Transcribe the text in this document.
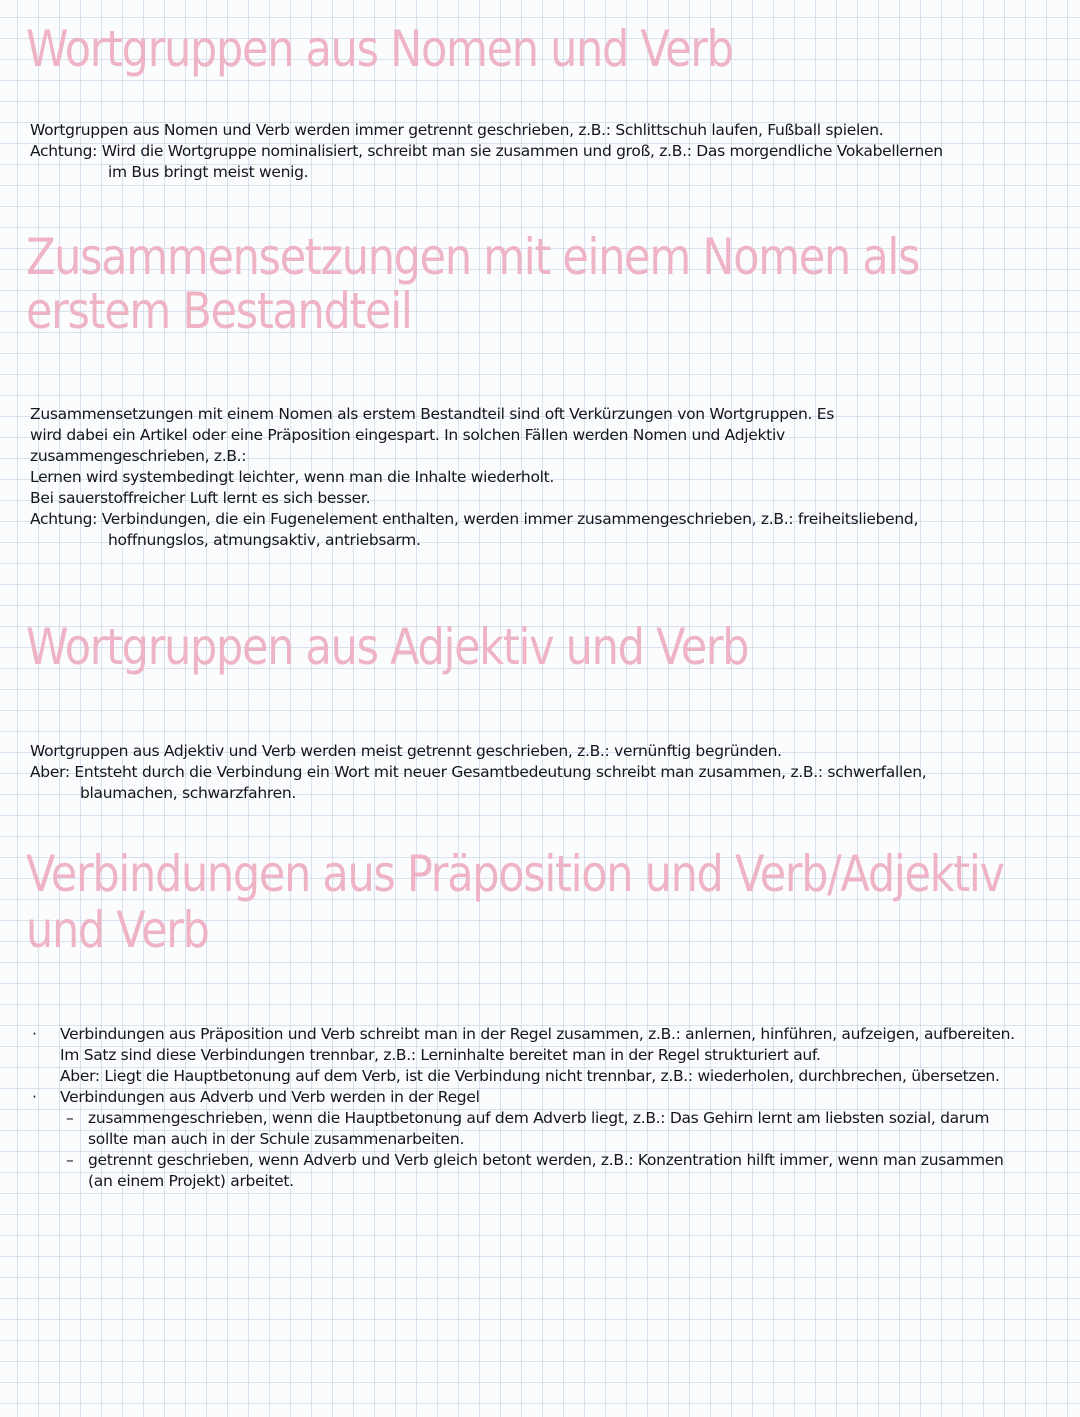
Wortgruppen aus Nomen und Verb
Wortgruppen aus Nomen und Verb werden immer getrennt geschrieben, z.B.: Schlittschuh laufen, Fußball spielen.
Achtung: Wird die Wortgruppe nominalisiert, schreibt man sie zusammen und groß, z.B.: Das morgendliche Vokabellernen
im Bus bringt meist wenig.
Zusammensetzungen mit einem Nomen als erstem Bestandteil
Zusammensetzungen mit einem Nomen als erstem Bestandteil sind oft Verkürzungen von Wortgruppen. Es
wird dabei ein Artikel oder eine Präposition eingespart. In solchen Fällen werden Nomen und Adjektiv
zusammengeschrieben, z.B.:
Lernen wird systembedingt leichter, wenn man die Inhalte wiederholt.
Bei sauerstoffreicher Luft lernt es sich besser.
Achtung: Verbindungen, die ein Fugenelement enthalten, werden immer zusammengeschrieben, z.B.: freiheitsliebend,
hoffnungslos, atmungsaktiv, antriebsarm.
Wortgruppen aus Adjektiv und Verb
Wortgruppen aus Adjektiv und Verb werden meist getrennt geschrieben, z.B.: vernünftig begründen.
Aber: Entsteht durch die Verbindung ein Wort mit neuer Gesamtbedeutung schreibt man zusammen, z.B.: schwerfallen,
blaumachen, schwarzfahren.
Verbindungen aus Präposition und Verb/Adjektiv und Verb
· Verbindungen aus Präposition und Verb schreibt man in der Regel zusammen, z.B.: anlernen, hinführen, aufzeigen, aufbereiten.
Im Satz sind diese Verbindungen trennbar, z.B.: Lerninhalte bereitet man in der Regel strukturiert auf.
Aber: Liegt die Hauptbetonung auf dem Verb, ist die Verbindung nicht trennbar, z.B.: wiederholen, durchbrechen, übersetzen.
· Verbindungen aus Adverb und Verb werden in der Regel
– zusammengeschrieben, wenn die Hauptbetonung auf dem Adverb liegt, z.B.: Das Gehirn lernt am liebsten sozial, darum
sollte man auch in der Schule zusammenarbeiten.
– getrennt geschrieben, wenn Adverb und Verb gleich betont werden, z.B.: Konzentration hilft immer, wenn man zusammen
(an einem Projekt) arbeitet.
